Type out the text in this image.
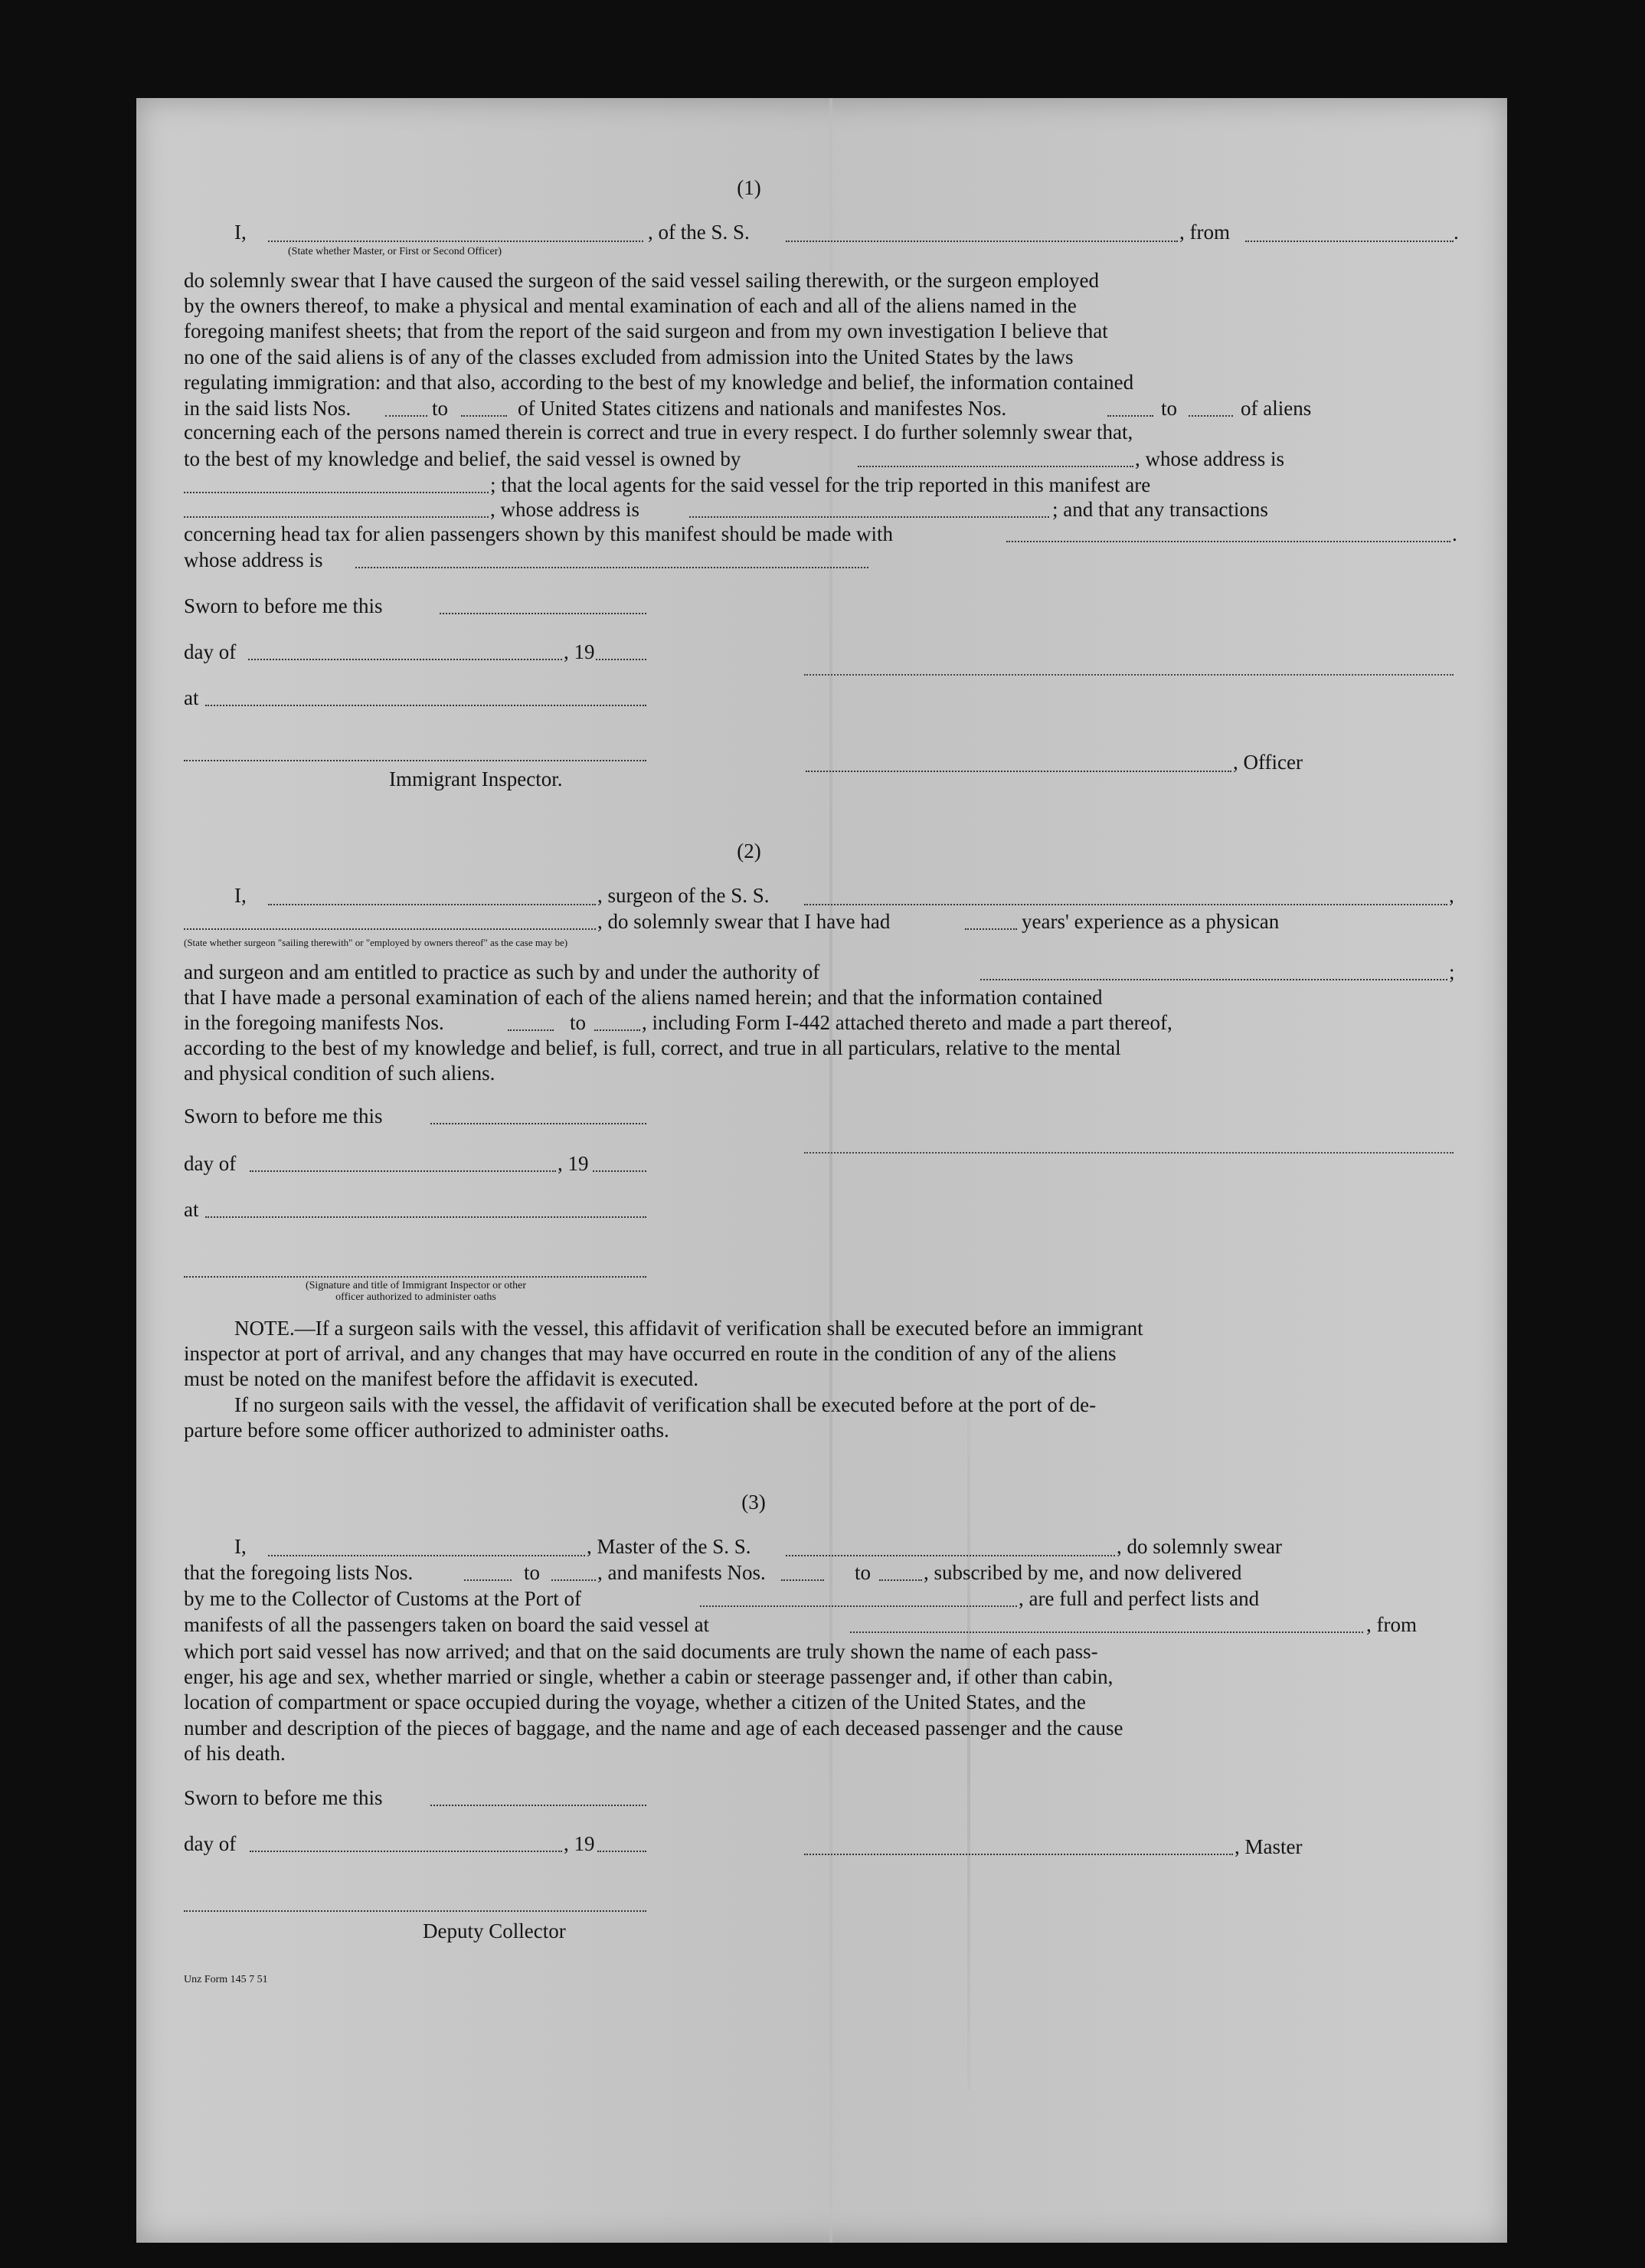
(1)
I,	, of the S. S.	, from	.
(State whether Master, or First or Second Officer)

do solemnly swear that I have caused the surgeon of the said vessel sailing therewith, or the surgeon employed

by the owners thereof, to make a physical and mental examination of each and all of the aliens named in the

foregoing manifest sheets; that from the report of the said surgeon and from my own investigation I believe that

no one of the said aliens is of any of the classes excluded from admission into the United States by the laws

regulating immigration: and that also, according to the best of my knowledge and belief, the information contained

in the said lists Nos.	to	of United States citizens and nationals and manifestes Nos.	to	of aliens
concerning each of the persons named therein is correct and true in every respect. I do further solemnly swear that,
to the best of my knowledge and belief, the said vessel is owned by	, whose address is
; that the local agents for the said vessel for the trip reported in this manifest are
, whose address is	; and that any transactions
concerning head tax for alien passengers shown by this manifest should be made with	.
whose address is
Sworn to before me this
day of	, 19
at
Immigrant Inspector.
, Officer
(2)
I,	, surgeon of the S. S.	,
, do solemnly swear that I have had	years' experience as a physican
(State whether surgeon "sailing therewith" or "employed by owners thereof" as the case may be)
and surgeon and am entitled to practice as such by and under the authority of	;
that I have made a personal examination of each of the aliens named herein; and that the information contained
in the foregoing manifests Nos.	to	, including Form I-442 attached thereto and made a part thereof,

according to the best of my knowledge and belief, is full, correct, and true in all particulars, relative to the mental

and physical condition of such aliens.

Sworn to before me this
day of	, 19
at
(Signature and title of Immigrant Inspector or other
officer authorized to administer oaths

NOTE.—If a surgeon sails with the vessel, this affidavit of verification shall be executed before an immigrant

inspector at port of arrival, and any changes that may have occurred en route in the condition of any of the aliens

must be noted on the manifest before the affidavit is executed.

If no surgeon sails with the vessel, the affidavit of verification shall be executed before at the port of de-

parture before some officer authorized to administer oaths.

(3)
I,	, Master of the S. S.	, do solemnly swear
that the foregoing lists Nos.	to	, and manifests Nos.	to	, subscribed by me, and now delivered
by me to the Collector of Customs at the Port of	, are full and perfect lists and
manifests of all the passengers taken on board the said vessel at	, from

which port said vessel has now arrived; and that on the said documents are truly shown the name of each pass-

enger, his age and sex, whether married or single, whether a cabin or steerage passenger and, if other than cabin,

location of compartment or space occupied during the voyage, whether a citizen of the United States, and the

number and description of the pieces of baggage, and the name and age of each deceased passenger and the cause

of his death.

Sworn to before me this
day of	, 19	, Master
Deputy Collector
Unz Form 145 7 51
